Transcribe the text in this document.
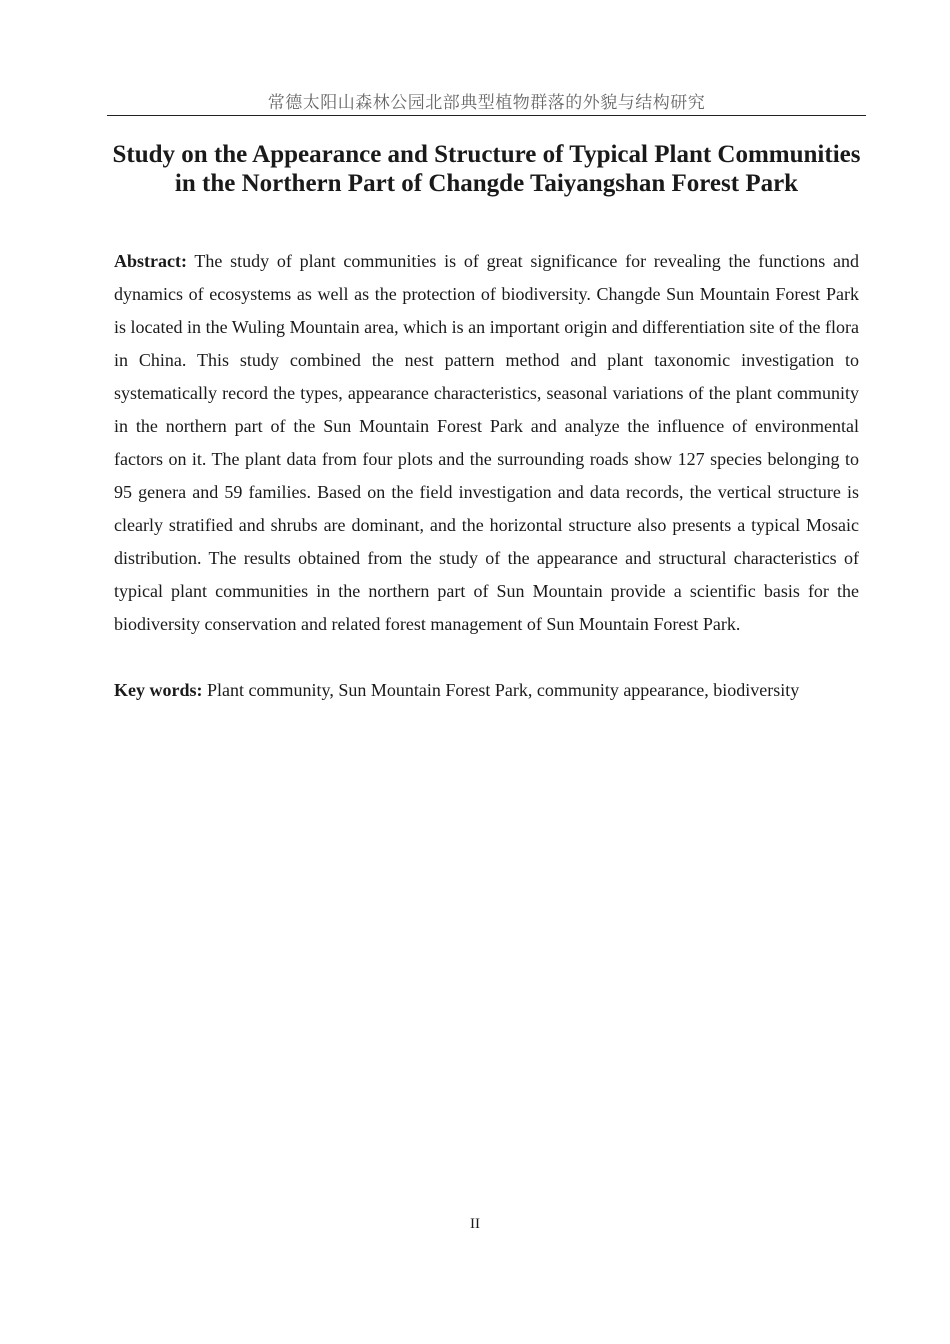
常德太阳山森林公园北部典型植物群落的外貌与结构研究
Study on the Appearance and Structure of Typical Plant Communities in the Northern Part of Changde Taiyangshan Forest Park

Abstract: The study of plant communities is of great significance for revealing the functions and dynamics of ecosystems as well as the protection of biodiversity. Changde Sun Mountain Forest Park is located in the Wuling Mountain area, which is an important origin and differentiation site of the flora in China. This study combined the nest pattern method and plant taxonomic investigation to systematically record the types, appearance characteristics, seasonal variations of the plant community in the northern part of the Sun Mountain Forest Park and analyze the influence of environmental factors on it. The plant data from four plots and the surrounding roads show 127 species belonging to 95 genera and 59 families. Based on the field investigation and data records, the vertical structure is clearly stratified and shrubs are dominant, and the horizontal structure also presents a typical Mosaic distribution. The results obtained from the study of the appearance and structural characteristics of typical plant communities in the northern part of Sun Mountain provide a scientific basis for the biodiversity conservation and related forest management of Sun Mountain Forest Park.

Key words: Plant community, Sun Mountain Forest Park, community appearance, biodiversity

II
